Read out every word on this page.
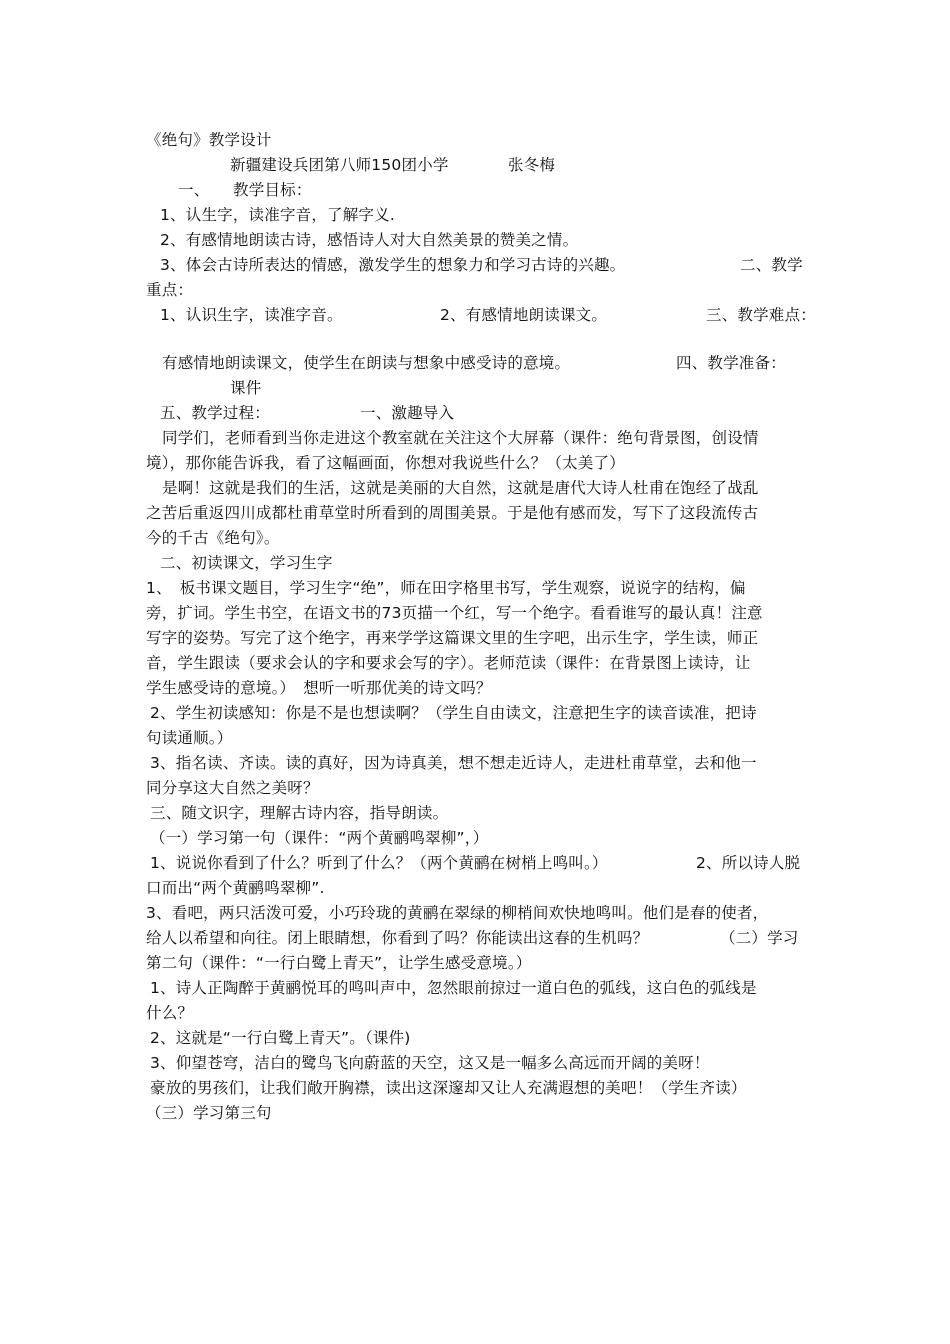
《绝句》教学设计
新疆建设兵团第八师150团小学	张冬梅
一、　　教学目标：
1、认生字，读准字音，了解字义.
2、有感情地朗读古诗，感悟诗人对大自然美景的赞美之情。
3、体会古诗所表达的情感，激发学生的想象力和学习古诗的兴趣。	二、教学
重点：
1、认识生字，读准字音。	2、有感情地朗读课文。	三、教学难点：
有感情地朗读课文，使学生在朗读与想象中感受诗的意境。	四、教学准备：
课件
五、教学过程：	一、激趣导入
同学们，老师看到当你走进这个教室就在关注这个大屏幕（课件：绝句背景图，创设情
境），那你能告诉我，看了这幅画面，你想对我说些什么？（太美了）
是啊！这就是我们的生活，这就是美丽的大自然，这就是唐代大诗人杜甫在饱经了战乱
之苦后重返四川成都杜甫草堂时所看到的周围美景。于是他有感而发，写下了这段流传古
今的千古《绝句》。
二、初读课文，学习生字
1、　板书课文题目，学习生字“绝”，师在田字格里书写，学生观察，说说字的结构，偏
旁，扩词。学生书空，在语文书的73页描一个红，写一个绝字。看看谁写的最认真！注意
写字的姿势。写完了这个绝字，再来学学这篇课文里的生字吧，出示生字，学生读，师正
音，学生跟读（要求会认的字和要求会写的字）。老师范读（课件：在背景图上读诗，让
学生感受诗的意境。）　想听一听那优美的诗文吗？
2、学生初读感知：你是不是也想读啊？（学生自由读文，注意把生字的读音读准，把诗
句读通顺。）
3、指名读、齐读。读的真好，因为诗真美，想不想走近诗人，走进杜甫草堂，去和他一
同分享这大自然之美呀？
三、随文识字，理解古诗内容，指导朗读。
（一）学习第一句（课件：“两个黄鹂鸣翠柳”，）
1、说说你看到了什么？听到了什么？（两个黄鹂在树梢上鸣叫。）	2、所以诗人脱
口而出“两个黄鹂鸣翠柳”.
3、看吧，两只活泼可爱，小巧玲珑的黄鹂在翠绿的柳梢间欢快地鸣叫。他们是春的使者，
给人以希望和向往。闭上眼睛想，你看到了吗？你能读出这春的生机吗？	（二）学习
第二句（课件：“一行白鹭上青天”，让学生感受意境。）
1、诗人正陶醉于黄鹂悦耳的鸣叫声中，忽然眼前掠过一道白色的弧线，这白色的弧线是
什么？
2、这就是“一行白鹭上青天”。（课件)
3、仰望苍穹，洁白的鹭鸟飞向蔚蓝的天空，这又是一幅多么高远而开阔的美呀！
豪放的男孩们，让我们敞开胸襟，读出这深邃却又让人充满遐想的美吧！（学生齐读）
（三）学习第三句
